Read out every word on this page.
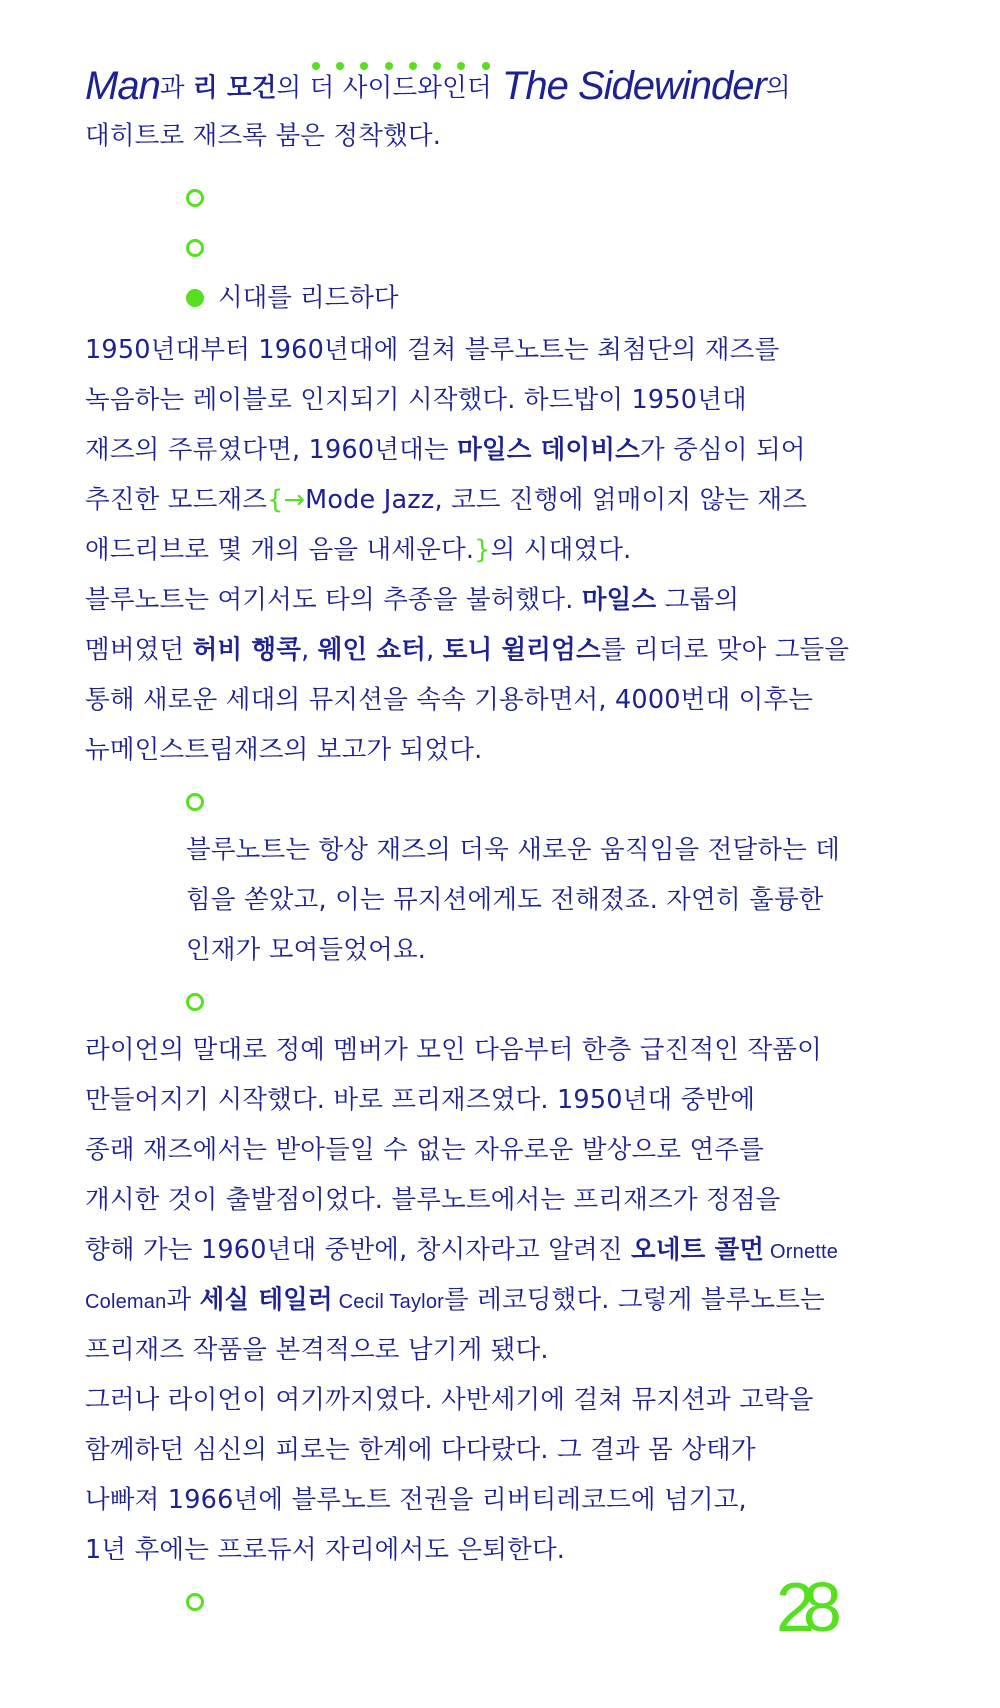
Man과 리 모건의
더 사이드와인더 The Sidewinder의
대히트로 재즈록 붐은 정착했다.
시대를 리드하다
1950년대부터 1960년대에 걸쳐 블루노트는 최첨단의 재즈를
녹음하는 레이블로 인지되기 시작했다. 하드밥이 1950년대
재즈의 주류였다면, 1960년대는 마일스 데이비스가 중심이 되어
추진한 모드재즈{→Mode Jazz, 코드 진행에 얽매이지 않는 재즈
애드리브로 몇 개의 음을 내세운다.}의 시대였다.
블루노트는 여기서도 타의 추종을 불허했다. 마일스 그룹의
멤버였던 허비 행콕, 웨인 쇼터, 토니 윌리엄스를 리더로 맞아 그들을
통해 새로운 세대의 뮤지션을 속속 기용하면서, 4000번대 이후는
뉴메인스트림재즈의 보고가 되었다.
블루노트는 항상 재즈의 더욱 새로운 움직임을 전달하는 데
힘을 쏟았고, 이는 뮤지션에게도 전해졌죠. 자연히 훌륭한
인재가 모여들었어요.
라이언의 말대로 정예 멤버가 모인 다음부터 한층 급진적인 작품이
만들어지기 시작했다. 바로 프리재즈였다. 1950년대 중반에
종래 재즈에서는 받아들일 수 없는 자유로운 발상으로 연주를
개시한 것이 출발점이었다. 블루노트에서는 프리재즈가 정점을
향해 가는 1960년대 중반에, 창시자라고 알려진 오네트 콜먼 Ornette
Coleman과 세실 테일러 Cecil Taylor를 레코딩했다. 그렇게 블루노트는
프리재즈 작품을 본격적으로 남기게 됐다.
그러나 라이언이 여기까지였다. 사반세기에 걸쳐 뮤지션과 고락을
함께하던 심신의 피로는 한계에 다다랐다. 그 결과 몸 상태가
나빠져 1966년에 블루노트 전권을 리버티레코드에 넘기고,
1년 후에는 프로듀서 자리에서도 은퇴한다.
28
